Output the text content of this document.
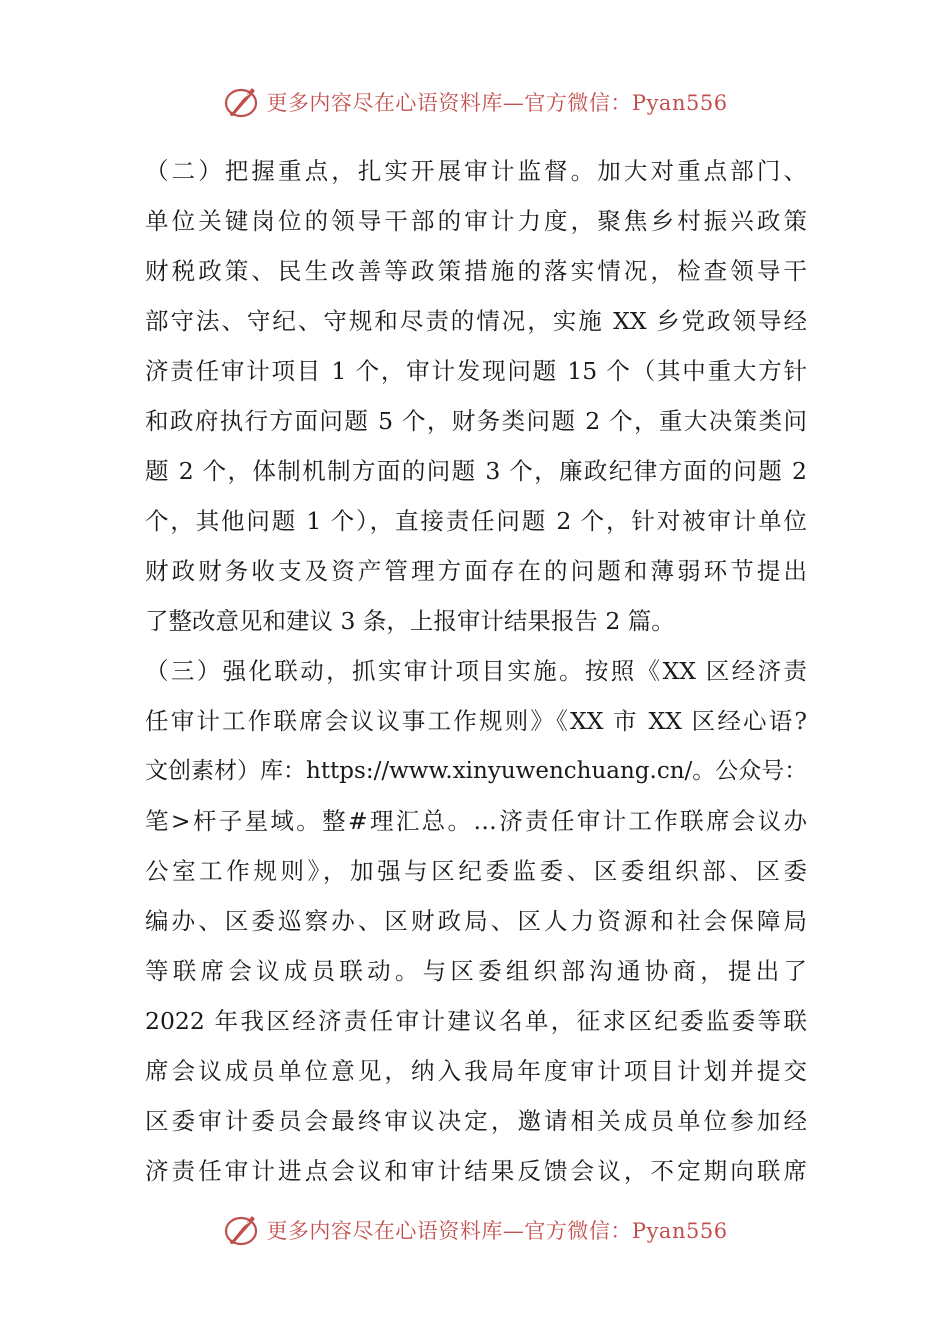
更多内容尽在心语资料库—官方微信：Pyan556
（二）把握重点，扎实开展审计监督。加大对重点部门、
单位关键岗位的领导干部的审计力度，聚焦乡村振兴政策
财税政策、民生改善等政策措施的落实情况，检查领导干
部守法、守纪、守规和尽责的情况，实施 XX 乡党政领导经
济责任审计项目 1 个，审计发现问题 15 个（其中重大方针
和政府执行方面问题 5 个，财务类问题 2 个，重大决策类问
题 2 个，体制机制方面的问题 3 个，廉政纪律方面的问题 2
个，其他问题 1 个），直接责任问题 2 个，针对被审计单位
财政财务收支及资产管理方面存在的问题和薄弱环节提出
了整改意见和建议 3 条，上报审计结果报告 2 篇。
（三）强化联动，抓实审计项目实施。按照《XX 区经济责
任审计工作联席会议议事工作规则》《XX 市 XX 区经心语?
文创素材）库：https://www.xinyuwenchuang.cn/。公众号：
笔>杆子星域。整#理汇总。…济责任审计工作联席会议办
公室工作规则》，加强与区纪委监委、区委组织部、区委
编办、区委巡察办、区财政局、区人力资源和社会保障局
等联席会议成员联动。与区委组织部沟通协商，提出了
2022 年我区经济责任审计建议名单，征求区纪委监委等联
席会议成员单位意见，纳入我局年度审计项目计划并提交
区委审计委员会最终审议决定，邀请相关成员单位参加经
济责任审计进点会议和审计结果反馈会议，不定期向联席
更多内容尽在心语资料库—官方微信：Pyan556
